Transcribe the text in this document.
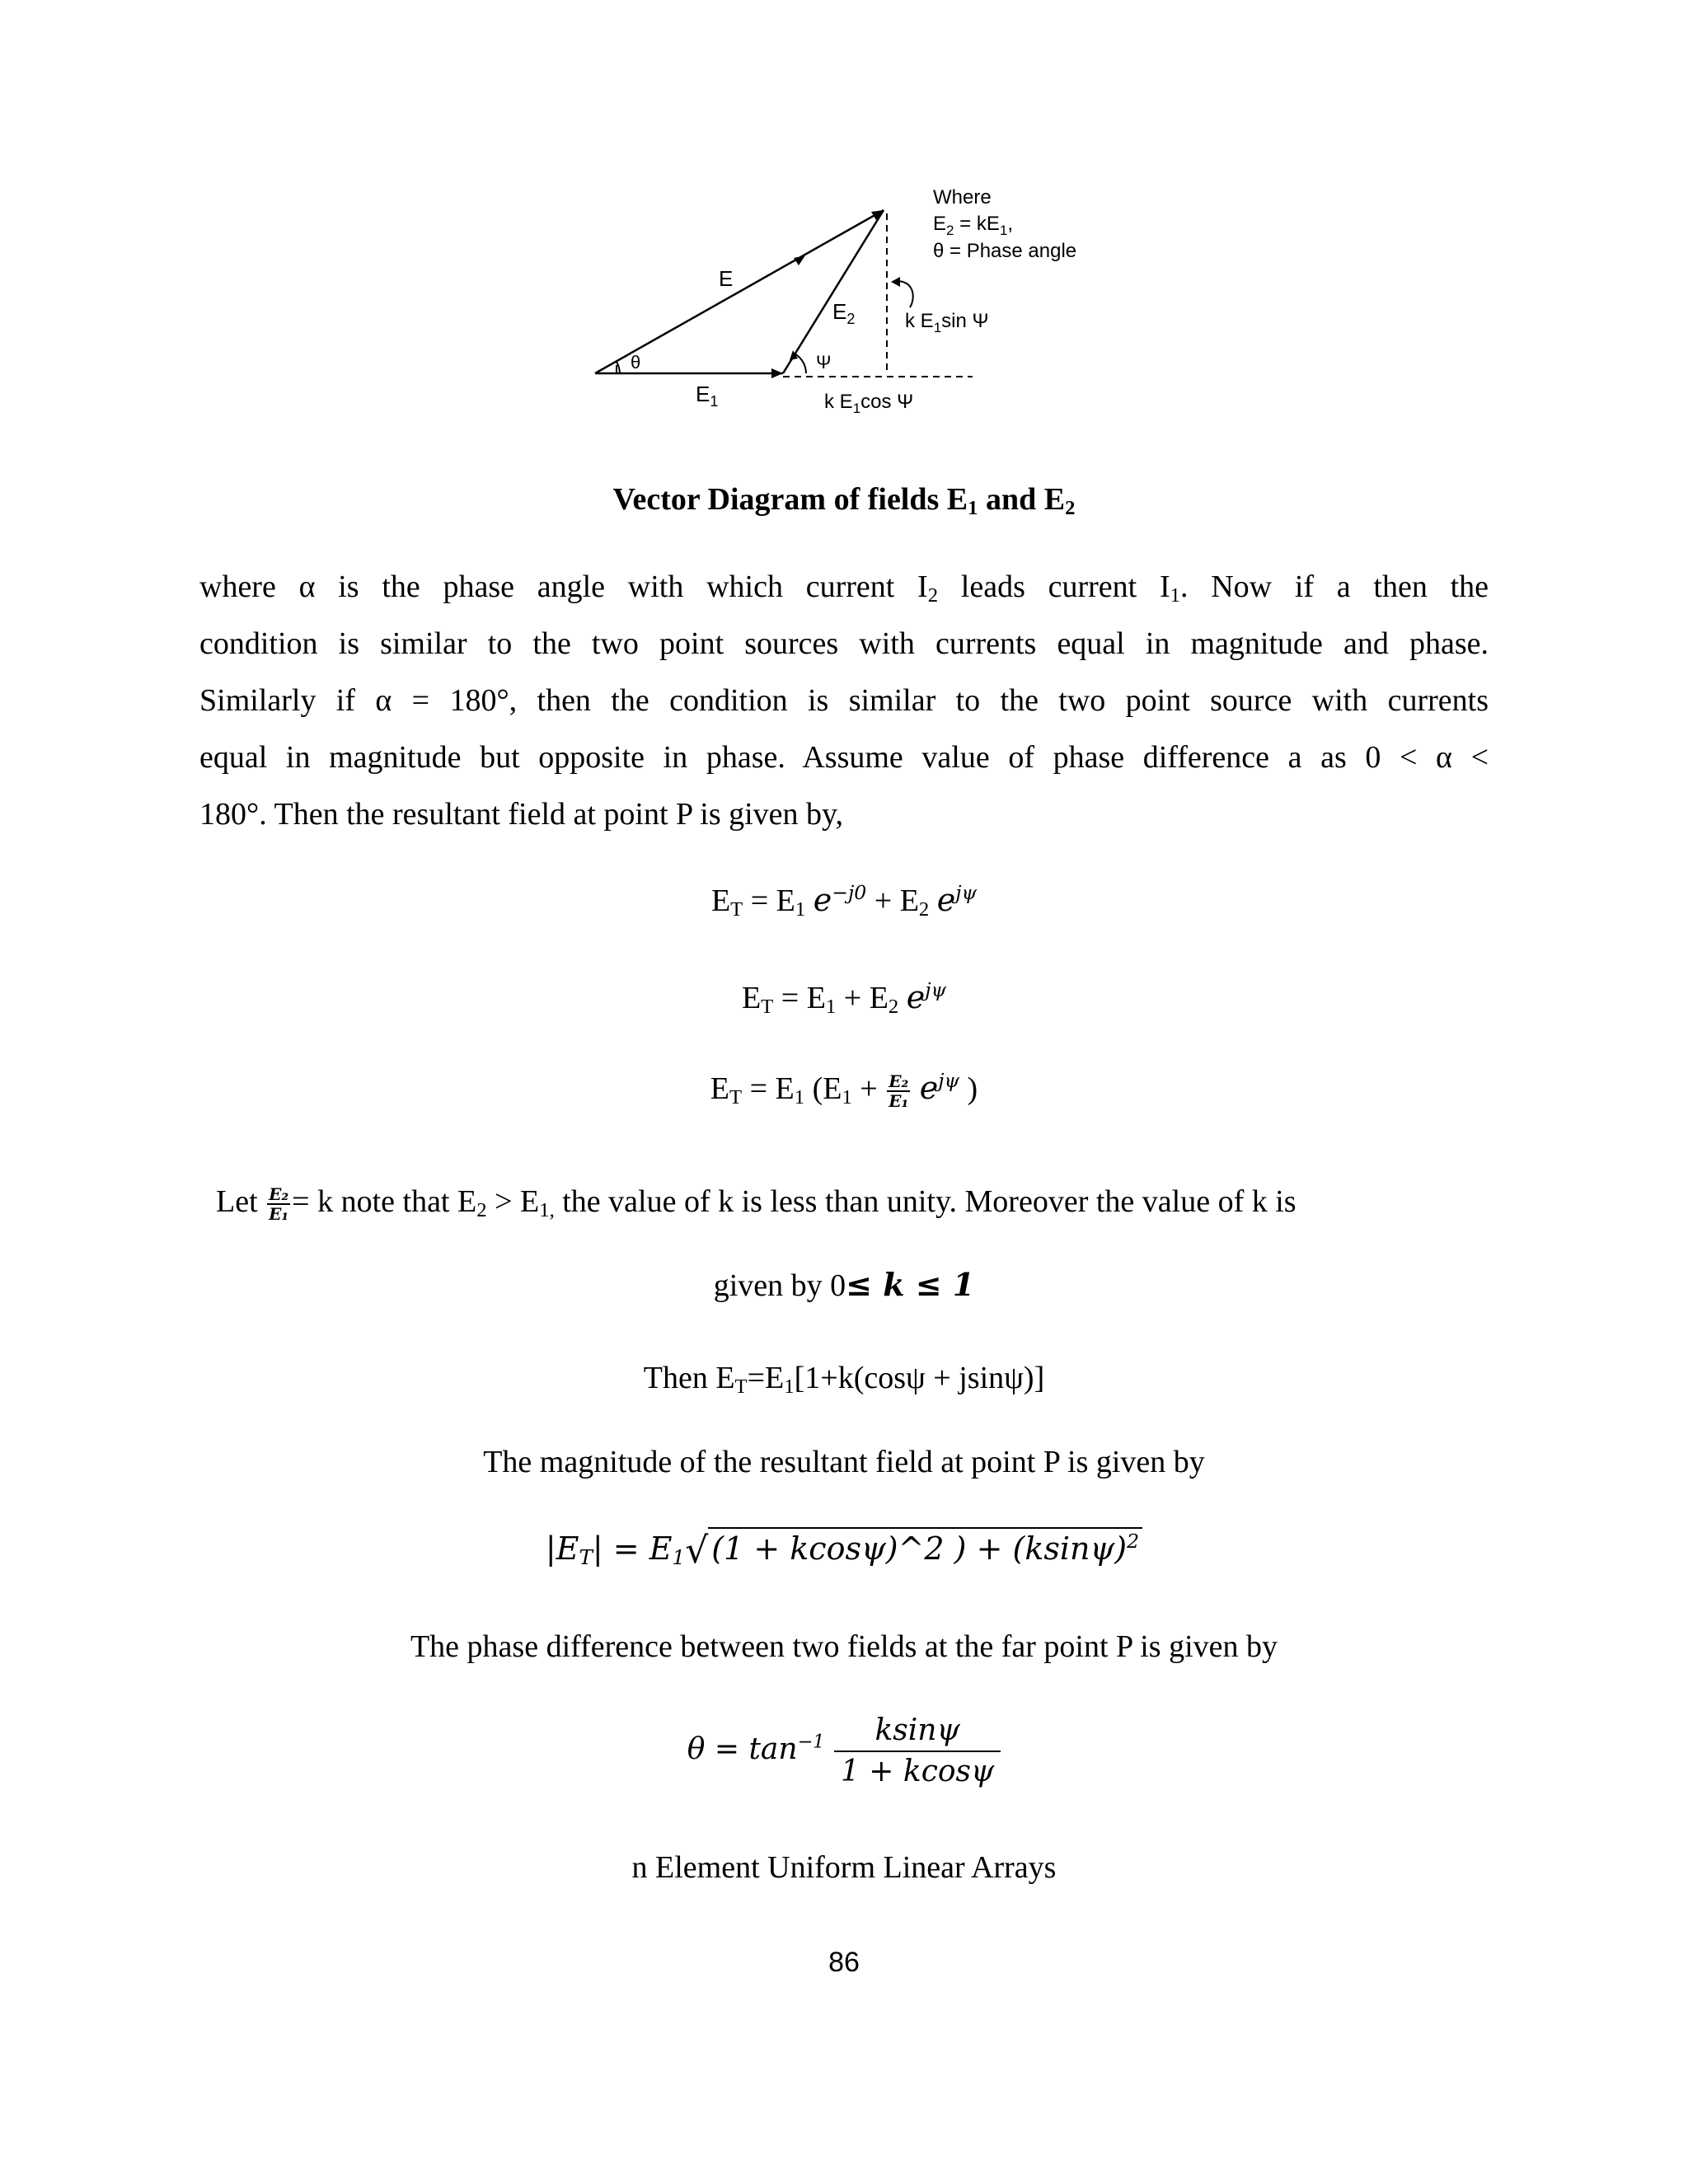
E
$E_1$
$E_2$
θ	Ψ
k $E_1\sin$ Ψ
k $E_1\cos$ Ψ
Where
$E_2 = kE_1$,
θ = Phase angle
Vector Diagram of fields $E_1$ and $E_2$
where α is the phase angle with which current $I_2$ leads current $I_1$. Now if a then the
condition is similar to the two point sources with currents equal in magnitude and phase.
Similarly if α = 180°, then the condition is similar to the two point source with currents
equal in magnitude but opposite in phase. Assume value of phase difference a as 0 < α <
180°. Then the resultant field at point P is given by,
$E_T = E_1$ $e^{-j0} + E_2$ $e^{j\psi}$
$E_T = E_1 + E_2$ $e^{j\psi}$
$E_T = E_1$ ($E_1 + \frac{\text{E₂}}{\text{E₁}} e^{j\psi}$ )
Let $\frac{\text{E₂}}{\text{E₁}} = k$ note that $E_2 > E_{1,}$ the value of k is less than unity. Moreover the value of k is
given by 0≤ k ≤ 1
Then $E_T=E_1[1+k(\cos\psi + jsin\psi)]$
The magnitude of the resultant field at point P is given by
$|E_T| = E_1√$ (1 + kcosψ)^2 ) + $(ksin\psi)^2$
The phase difference between two fields at the far point P is given by
$\theta = \tan^{-1} \frac{ksin\psi}{1 + kcos\psi}$
n Element Uniform Linear Arrays
86
